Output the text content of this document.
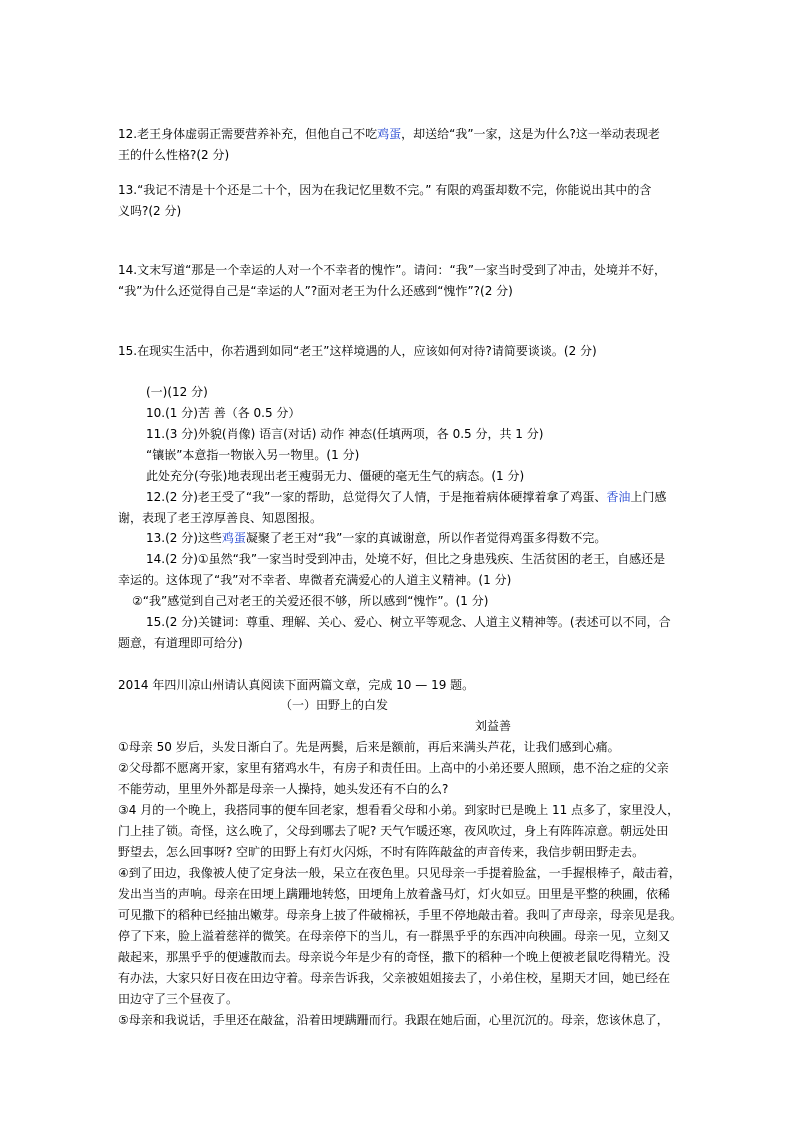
12.老王身体虚弱正需要营养补充，但他自己不吃鸡蛋，却送给“我”一家，这是为什么?这一举动表现老
王的什么性格?(2 分)
13.“我记不清是十个还是二十个，因为在我记忆里数不完。” 有限的鸡蛋却数不完，你能说出其中的含
义吗?(2 分)
14.文末写道“那是一个幸运的人对一个不幸者的愧怍”。请问：“我”一家当时受到了冲击，处境并不好，
“我”为什么还觉得自己是“幸运的人”?面对老王为什么还感到“愧怍”?(2 分)
15.在现实生活中，你若遇到如同“老王”这样境遇的人，应该如何对待?请简要谈谈。(2 分)
(一)(12 分)
10.(1 分)苦 善（各 0.5 分）
11.(3 分)外貌(肖像) 语言(对话) 动作 神态(任填两项，各 0.5 分，共 1 分)
“镶嵌”本意指一物嵌入另一物里。(1 分)
此处充分(夸张)地表现出老王瘦弱无力、僵硬的毫无生气的病态。(1 分)
12.(2 分)老王受了“我”一家的帮助，总觉得欠了人情，于是拖着病体硬撑着拿了鸡蛋、香油上门感
谢，表现了老王淳厚善良、知恩图报。
13.(2 分)这些鸡蛋凝聚了老王对“我”一家的真诚谢意，所以作者觉得鸡蛋多得数不完。
14.(2 分)①虽然“我”一家当时受到冲击，处境不好，但比之身患残疾、生活贫困的老王，自感还是
幸运的。这体现了“我”对不幸者、卑微者充满爱心的人道主义精神。(1 分)
②“我”感觉到自己对老王的关爱还很不够，所以感到“愧怍”。(1 分)
15.(2 分)关键词：尊重、理解、关心、爱心、树立平等观念、人道主义精神等。(表述可以不同，合
题意，有道理即可给分)
2014 年四川凉山州请认真阅读下面两篇文章，完成 10 — 19 题。
（一）田野上的白发
刘益善
①母亲 50 岁后，头发日渐白了。先是两鬓，后来是额前，再后来满头芦花，让我们感到心痛。
②父母都不愿离开家，家里有猪鸡水牛，有房子和责任田。上高中的小弟还要人照顾，患不治之症的父亲
不能劳动，里里外外都是母亲一人操持，她头发还有不白的么?
③4 月的一个晚上，我搭同事的便车回老家，想看看父母和小弟。到家时已是晚上 11 点多了，家里没人，
门上挂了锁。奇怪，这么晚了，父母到哪去了呢? 天气乍暖还寒，夜风吹过，身上有阵阵凉意。朝远处田
野望去，怎么回事呀? 空旷的田野上有灯火闪烁，不时有阵阵敲盆的声音传来，我信步朝田野走去。
④到了田边，我像被人使了定身法一般，呆立在夜色里。只见母亲一手提着脸盆，一手握根棒子，敲击着，
发出当当的声响。母亲在田埂上蹒跚地转悠，田埂角上放着盏马灯，灯火如豆。田里是平整的秧圃，依稀
可见撒下的稻种已经抽出嫩芽。母亲身上披了件破棉袄，手里不停地敲击着。我叫了声母亲，母亲见是我。
停了下来，脸上溢着慈祥的微笑。在母亲停下的当儿，有一群黑乎乎的东西冲向秧圃。母亲一见，立刻又
敲起来，那黑乎乎的便遽散而去。母亲说今年是少有的奇怪，撒下的稻种一个晚上便被老鼠吃得精光。没
有办法，大家只好日夜在田边守着。母亲告诉我，父亲被姐姐接去了，小弟住校，星期天才回，她已经在
田边守了三个昼夜了。
⑤母亲和我说话，手里还在敲盆，沿着田埂蹒跚而行。我跟在她后面，心里沉沉的。母亲，您该休息了，
